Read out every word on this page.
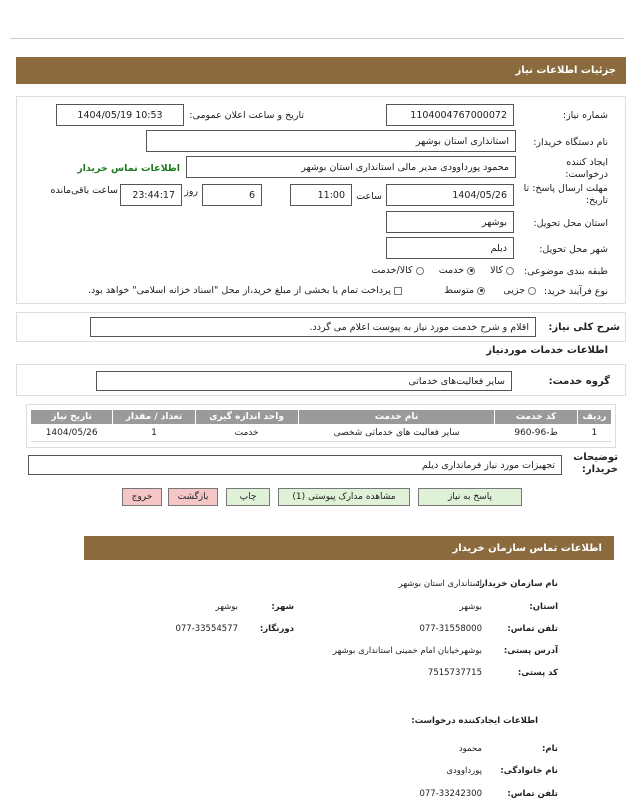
جزئیات اطلاعات نیاز
شماره نیاز:
1104004767000072
تاریخ و ساعت اعلان عمومی:
1404/05/19 10:53
نام دستگاه خریدار:
استانداری استان بوشهر
ایجاد کننده
درخواست:
محمود پورداوودی مدیر مالی استانداری استان بوشهر
اطلاعات تماس خریدار
مهلت ارسال پاسخ: تا
تاریخ:
1404/05/26
ساعت
11:00
6
روز
23:44:17
ساعت باقی‌مانده
استان محل تحویل:
بوشهر
شهر محل تحویل:
دیلم
طبقه بندی موضوعی:
کالا      خدمت      کالا/خدمت
نوع فرآیند خرید:
جزیی       متوسط
پرداخت تمام یا بخشی از مبلغ خرید،از محل "اسناد خزانه اسلامی" خواهد بود.
شرح کلی نیاز:
اقلام و شرح خدمت مورد نیاز به پیوست اعلام می گردد.
اطلاعات خدمات موردنیاز
گروه خدمت:
سایر فعالیت‌های خدماتی
ردیف	کد خدمت	نام خدمت	واحد اندازه گیری	تعداد / مقدار	تاریخ نیاز
1	ط-96-960	سایر فعالیت های خدماتی شخصی	خدمت	1	1404/05/26
توضیحات
خریدار:
تجهیزات مورد نیاز فرمانداری دیلم
پاسخ به نیاز
مشاهده مدارک پیوستی (1)
چاپ
بازگشت
خروج
اطلاعات تماس سازمان خریدار
نام سازمان خریدار:
استانداری استان بوشهر
استان:
بوشهر
شهر:
بوشهر
تلفن تماس:
077-31558000
دورنگار:
077-33554577
آدرس پستی:
بوشهرخیابان امام خمینی استانداری بوشهر
کد پستی:
7515737715
اطلاعات ایجادکننده درخواست:
نام:
محمود
نام خانوادگی:
پورداوودی
تلفن تماس:
077-33242300
